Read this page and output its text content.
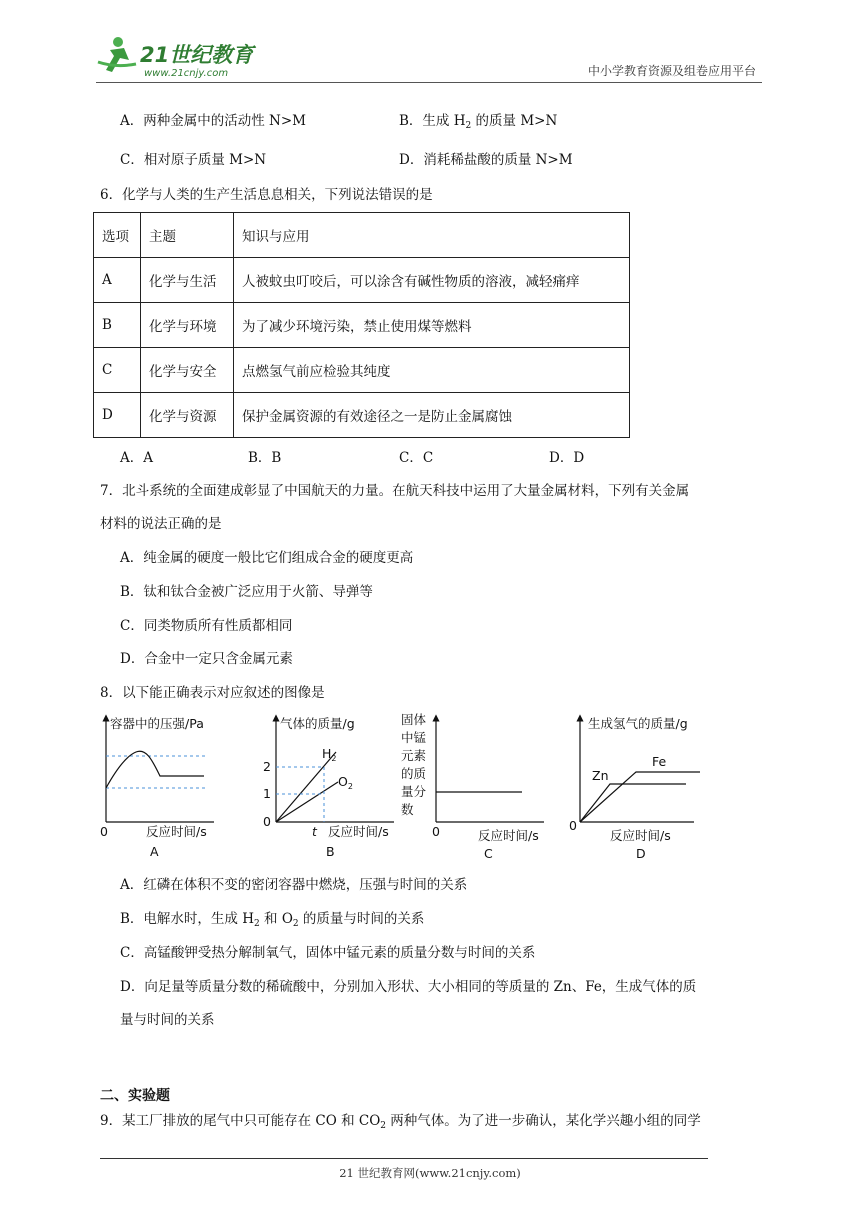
21世纪教育
www.21cnjy.com	中小学教育资源及组卷应用平台
A．两种金属中的活动性 N>M	B．生成 $H_2$ 的质量 M>N
C．相对原子质量 M>N	D．消耗稀盐酸的质量 N>M
6．化学与人类的生产生活息息相关，下列说法错误的是
选项	主题	知识与应用
A	化学与生活	人被蚊虫叮咬后，可以涂含有碱性物质的溶液，减轻痛痒
B	化学与环境	为了减少环境污染，禁止使用煤等燃料
C	化学与安全	点燃氢气前应检验其纯度
D	化学与资源	保护金属资源的有效途径之一是防止金属腐蚀
A．A	B．B	C．C	D．D
7．北斗系统的全面建成彰显了中国航天的力量。在航天科技中运用了大量金属材料，下列有关金属
材料的说法正确的是
A．纯金属的硬度一般比它们组成合金的硬度更高
B．钛和钛合金被广泛应用于火箭、导弹等
C．同类物质所有性质都相同
D．合金中一定只含金属元素
8．以下能正确表示对应叙述的图像是
容器中的压强/Pa
0	反应时间/s
A
气体的质量/g
2
1
0
t
$H_2$
$O_2$
反应时间/s
B
固体
中锰
元素
的质
量分
数
0	反应时间/s
C
生成氢气的质量/g
Zn
Fe
0
反应时间/s
D
A．红磷在体积不变的密闭容器中燃烧，压强与时间的关系
B．电解水时，生成 $H_2$ 和 $O_2$ 的质量与时间的关系
C．高锰酸钾受热分解制氧气，固体中锰元素的质量分数与时间的关系
D．向足量等质量分数的稀硫酸中，分别加入形状、大小相同的等质量的 Zn、Fe，生成气体的质
量与时间的关系
二、实验题
9．某工厂排放的尾气中只可能存在 CO 和 $CO_2$ 两种气体。为了进一步确认，某化学兴趣小组的同学
21 世纪教育网(www.21cnjy.com)
